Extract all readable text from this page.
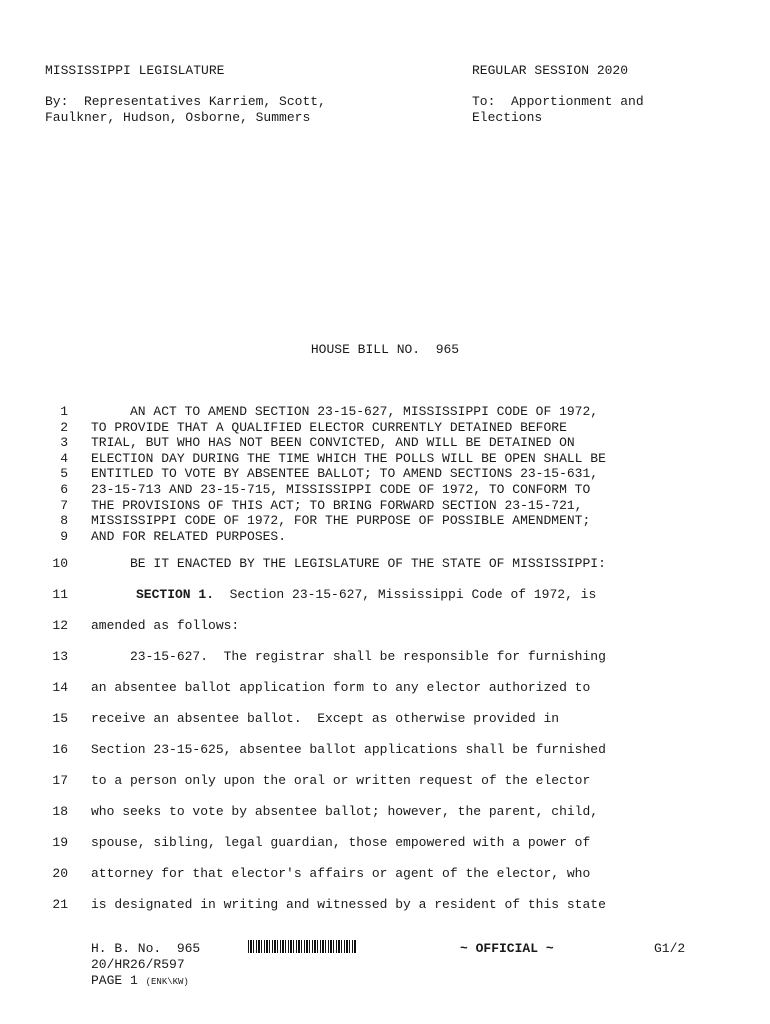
MISSISSIPPI LEGISLATURE	REGULAR SESSION 2020
By:  Representatives Karriem, Scott,
Faulkner, Hudson, Osborne, Summers
To:  Apportionment and
Elections
HOUSE BILL NO.  965
1 AN ACT TO AMEND SECTION 23-15-627, MISSISSIPPI CODE OF 1972,
2 TO PROVIDE THAT A QUALIFIED ELECTOR CURRENTLY DETAINED BEFORE
3 TRIAL, BUT WHO HAS NOT BEEN CONVICTED, AND WILL BE DETAINED ON
4 ELECTION DAY DURING THE TIME WHICH THE POLLS WILL BE OPEN SHALL BE
5 ENTITLED TO VOTE BY ABSENTEE BALLOT; TO AMEND SECTIONS 23-15-631,
6 23-15-713 AND 23-15-715, MISSISSIPPI CODE OF 1972, TO CONFORM TO
7 THE PROVISIONS OF THIS ACT; TO BRING FORWARD SECTION 23-15-721,
8 MISSISSIPPI CODE OF 1972, FOR THE PURPOSE OF POSSIBLE AMENDMENT;
9 AND FOR RELATED PURPOSES.
10 BE IT ENACTED BY THE LEGISLATURE OF THE STATE OF MISSISSIPPI:
11	SECTION 1.  Section 23-15-627, Mississippi Code of 1972, is
12 amended as follows:
13 23-15-627.  The registrar shall be responsible for furnishing
14 an absentee ballot application form to any elector authorized to
15 receive an absentee ballot.  Except as otherwise provided in
16 Section 23-15-625, absentee ballot applications shall be furnished
17 to a person only upon the oral or written request of the elector
18 who seeks to vote by absentee ballot; however, the parent, child,
19 spouse, sibling, legal guardian, those empowered with a power of
20 attorney for that elector's affairs or agent of the elector, who
21 is designated in writing and witnessed by a resident of this state
H. B. No.  965	~ OFFICIAL ~	G1/2
20/HR26/R597
PAGE 1 (ENK\KW)
